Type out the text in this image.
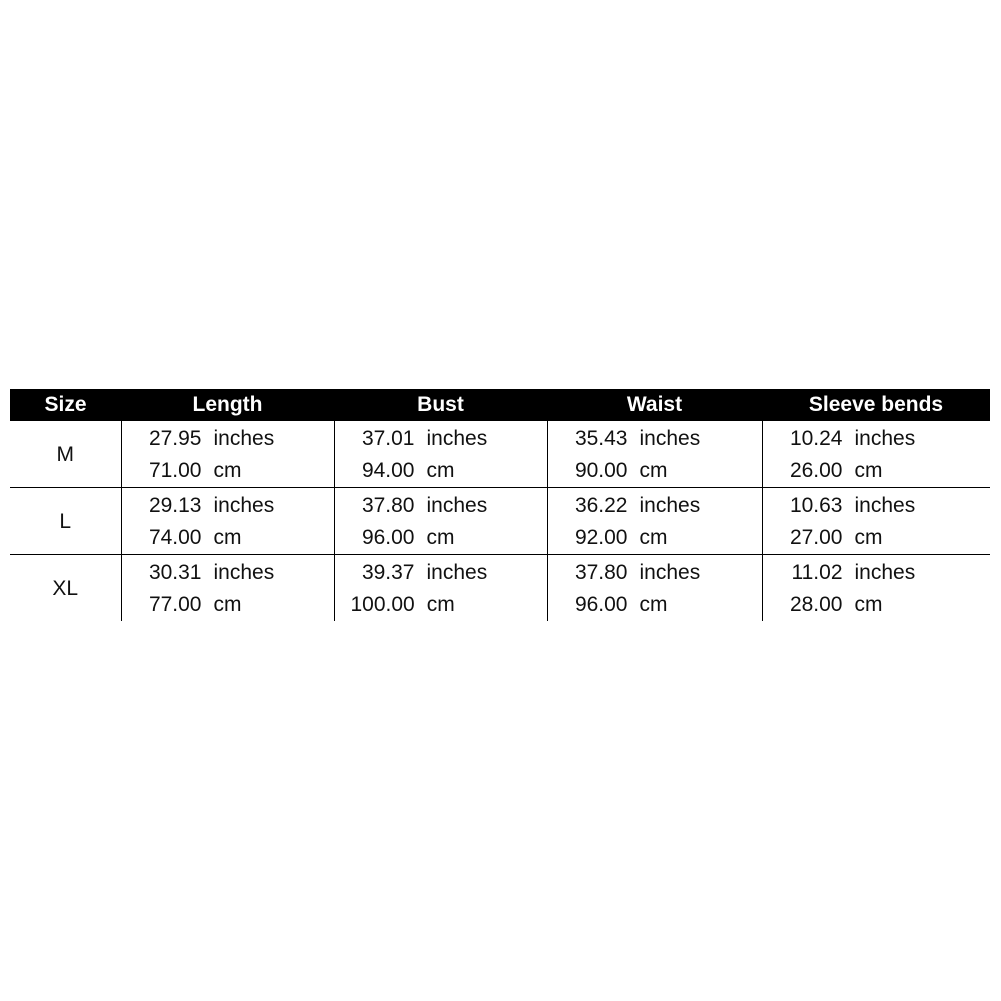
Size	Length	Bust	Waist	Sleeve bends
M	27.95 inches	37.01 inches	35.43 inches	10.24 inches
	71.00 cm	94.00 cm	90.00 cm	26.00 cm
L	29.13 inches	37.80 inches	36.22 inches	10.63 inches
	74.00 cm	96.00 cm	92.00 cm	27.00 cm
XL	30.31 inches	39.37 inches	37.80 inches	11.02 inches
	77.00 cm	100.00 cm	96.00 cm	28.00 cm
